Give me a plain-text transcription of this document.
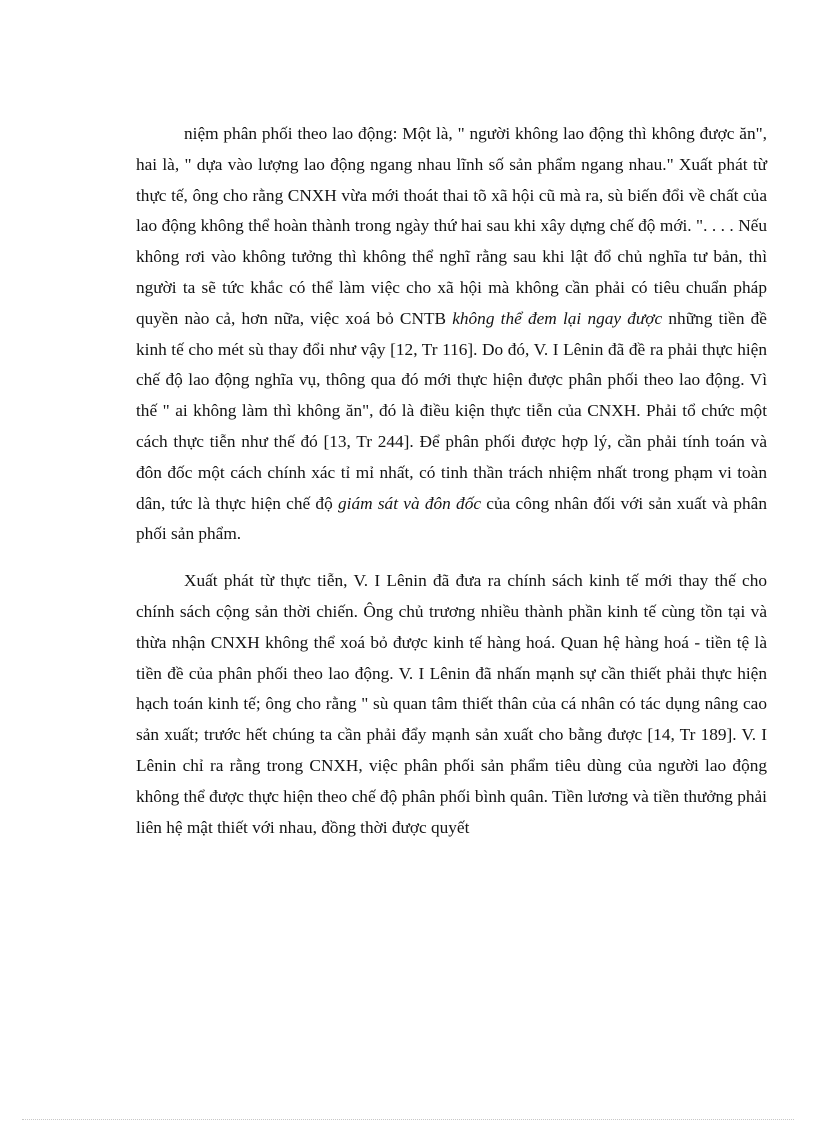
niệm phân phối theo lao động: Một là, " người không lao động thì không được ăn", hai là, " dựa vào lượng lao động ngang nhau lĩnh số sản phẩm ngang nhau." Xuất phát từ thực tế, ông cho rằng CNXH vừa mới thoát thai tõ xã hội cũ mà ra, sù biến đổi về chất của lao động không thể hoàn thành trong ngày thứ hai sau khi xây dựng chế độ mới. ". . . . Nếu không rơi vào không tưởng thì không thể nghĩ rằng sau khi lật đổ chủ nghĩa tư bản, thì người ta sẽ tức khắc có thể làm việc cho xã hội mà không cần phải có tiêu chuẩn pháp quyền nào cả, hơn nữa, việc xoá bỏ CNTB không thể đem lại ngay được những tiền đề kinh tế cho mét sù thay đổi như vậy [12, Tr 116]. Do đó, V. I Lênin đã đề ra phải thực hiện chế độ lao động nghĩa vụ, thông qua đó mới thực hiện được phân phối theo lao động. Vì thế " ai không làm thì không ăn", đó là điều kiện thực tiễn của CNXH. Phải tổ chức một cách thực tiễn như thế đó [13, Tr 244]. Để phân phối được hợp lý, cần phải tính toán và đôn đốc một cách chính xác tỉ mỉ nhất, có tinh thần trách nhiệm nhất trong phạm vi toàn dân, tức là thực hiện chế độ giám sát và đôn đốc của công nhân đối với sản xuất và phân phối sản phẩm.

Xuất phát từ thực tiễn, V. I Lênin đã đưa ra chính sách kinh tế mới thay thế cho chính sách cộng sản thời chiến. Ông chủ trương nhiều thành phần kinh tế cùng tồn tại và thừa nhận CNXH không thể xoá bỏ được kinh tế hàng hoá. Quan hệ hàng hoá - tiền tệ là tiền đề của phân phối theo lao động. V. I Lênin đã nhấn mạnh sự cần thiết phải thực hiện hạch toán kinh tế; ông cho rằng " sù quan tâm thiết thân của cá nhân có tác dụng nâng cao sản xuất; trước hết chúng ta cần phải đẩy mạnh sản xuất cho bằng được [14, Tr 189]. V. I Lênin chỉ ra rằng trong CNXH, việc phân phối sản phẩm tiêu dùng của người lao động không thể được thực hiện theo chế độ phân phối bình quân. Tiền lương và tiền thưởng phải liên hệ mật thiết với nhau, đồng thời được quyết
